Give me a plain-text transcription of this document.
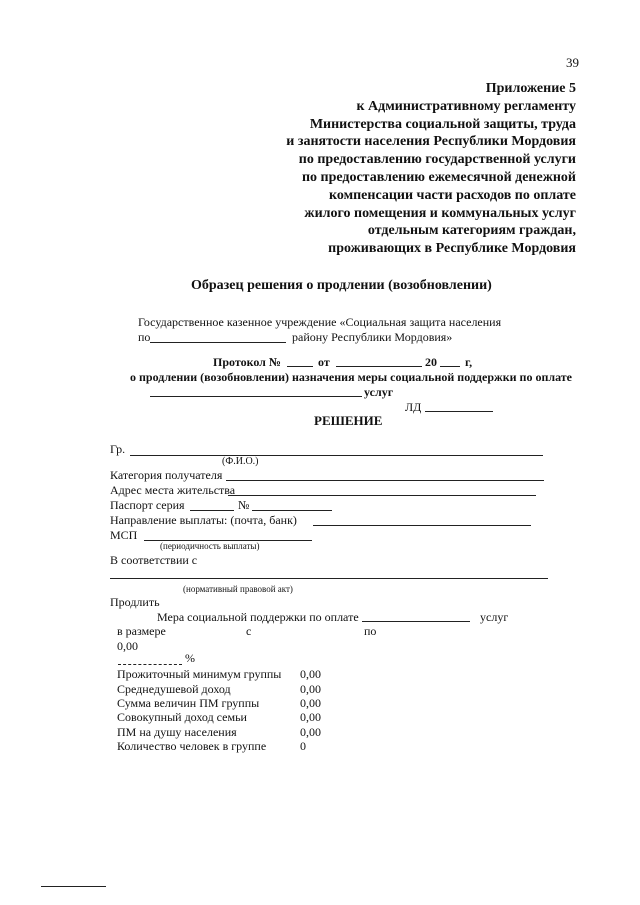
39
Приложение 5
к Административному регламенту
Министерства социальной защиты, труда
и занятости населения Республики Мордовия
по предоставлению государственной услуги
по предоставлению ежемесячной денежной
компенсации части расходов по оплате
жилого помещения и коммунальных услуг
отдельным категориям граждан,
проживающих в Республике Мордовия
Образец решения о продлении (возобновлении)
Государственное казенное учреждение «Социальная защита населения
по	району Республики Мордовия»
Протокол №	от	20 г,
о продлении (возобновлении) назначения меры социальной поддержки по оплате
услуг
ЛД
РЕШЕНИЕ
Гр.
(Ф.И.О.)
Категория получателя
Адрес места жительства
Паспорт серия	№
Направление выплаты: (почта, банк)
МСП
(периодичность выплаты)
В соответствии с
(нормативный правовой акт)
Продлить
Мера социальной поддержки по оплате	услуг
в размере	с	по
0,00
%
Прожиточный минимум группы 0,00
Среднедушевой доход	0,00
Сумма величин ПМ группы	0,00
Совокупный доход семьи	0,00
ПМ на душу населения	0,00
Количество человек в группе	0
